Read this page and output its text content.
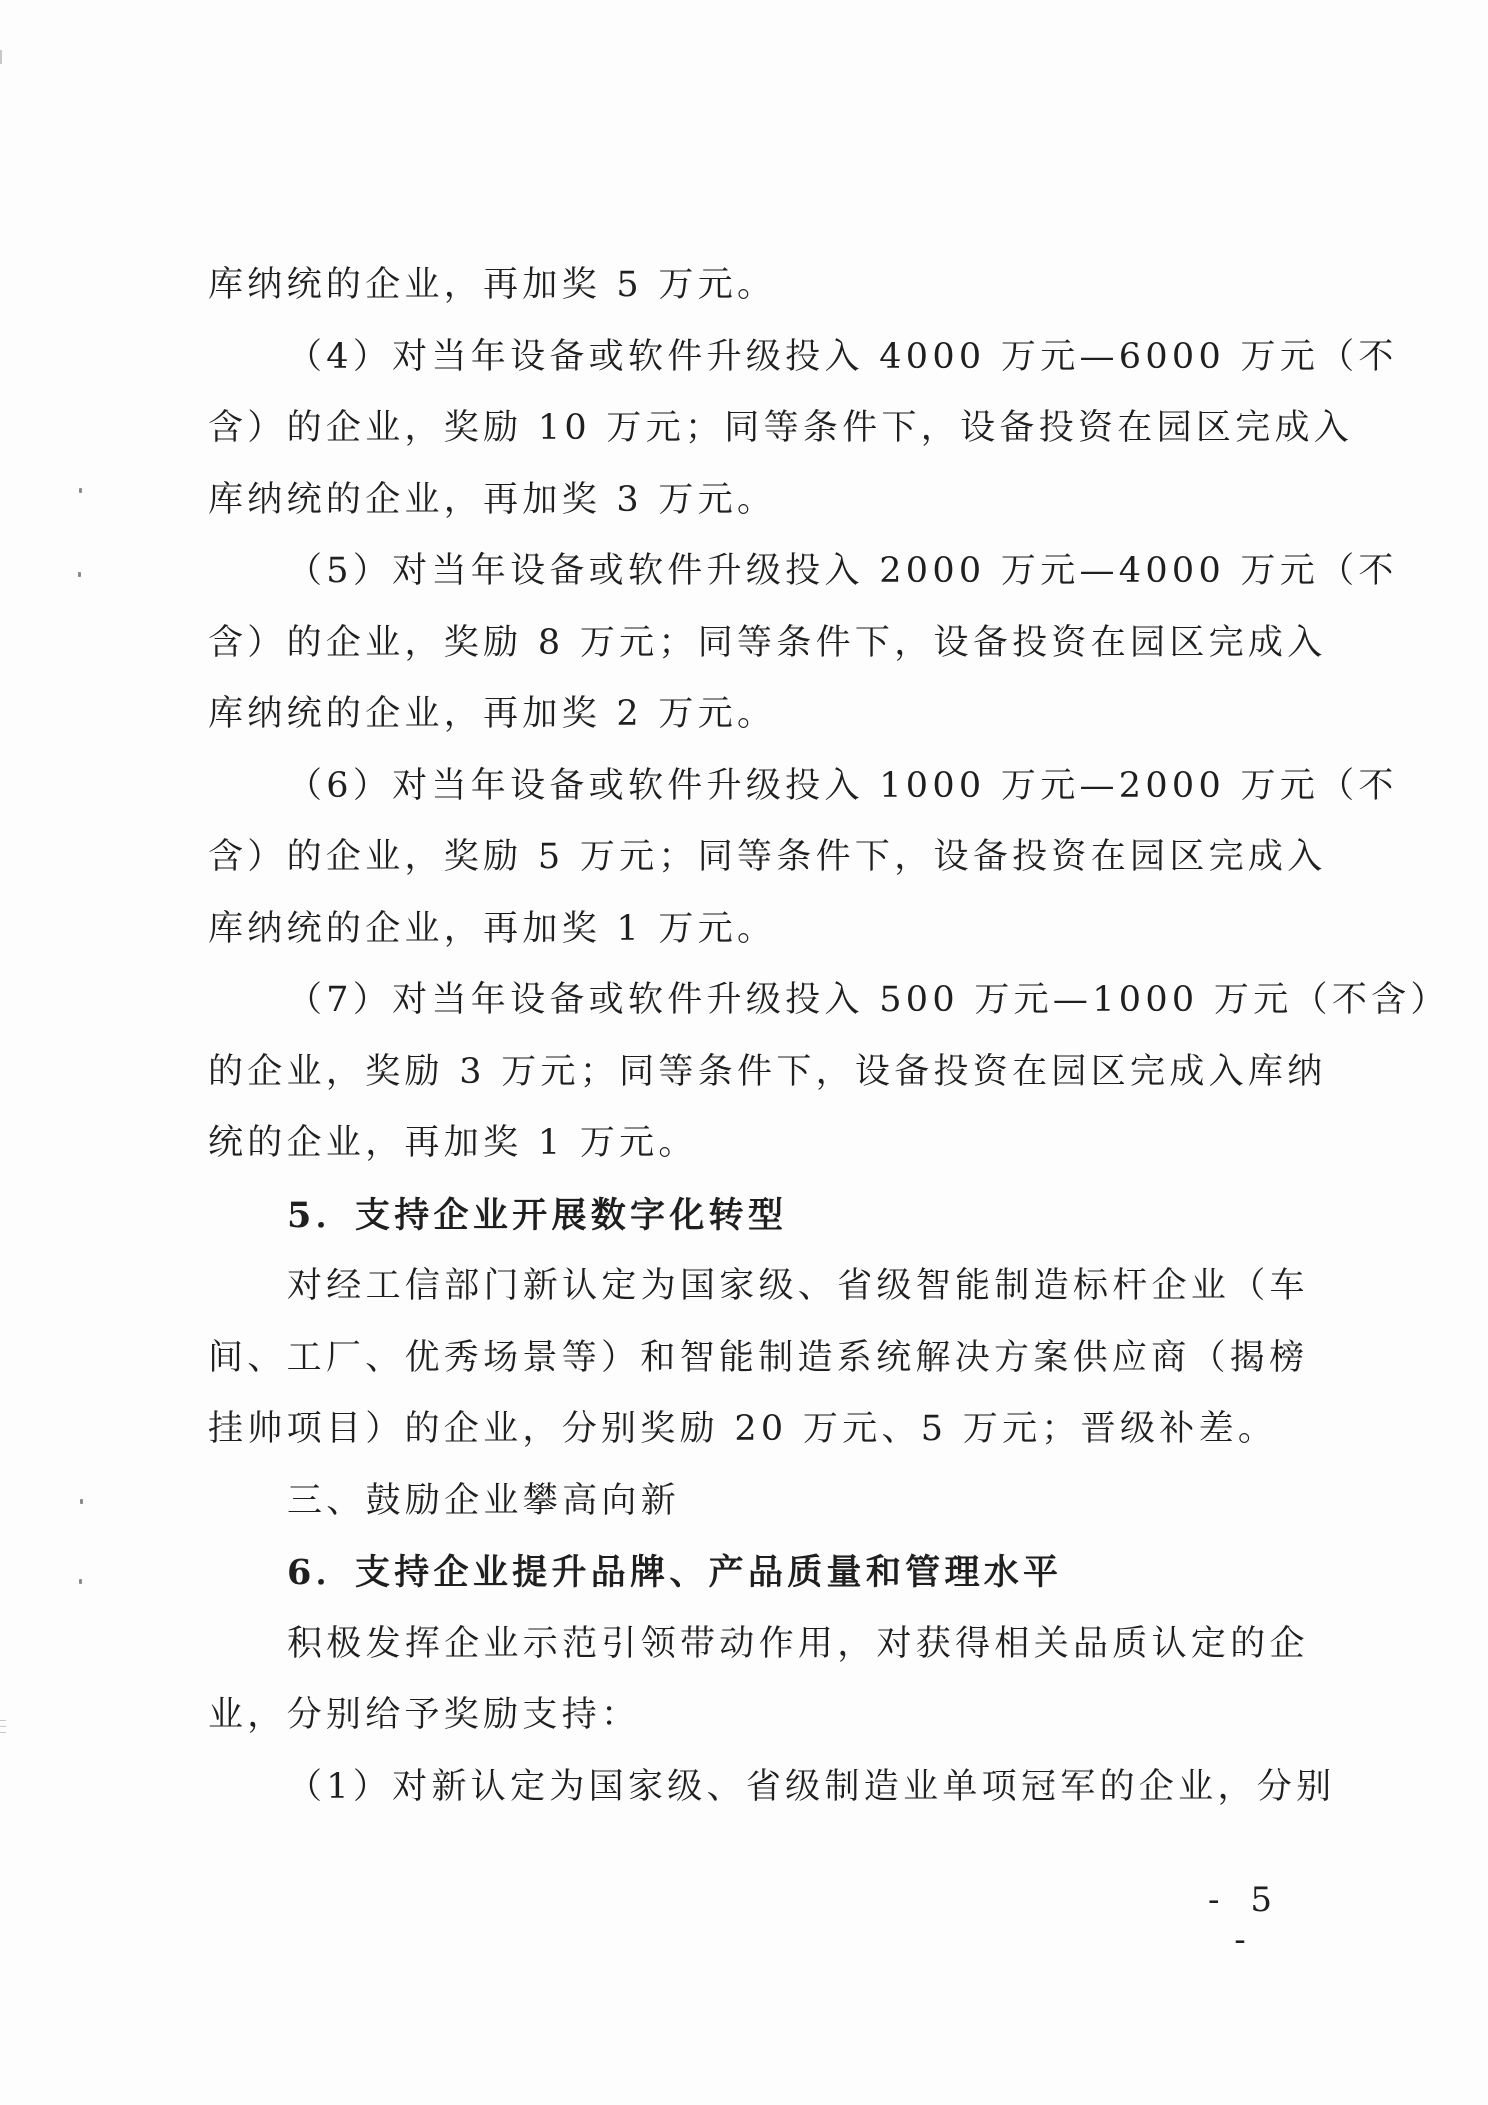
库纳统的企业，再加奖 5 万元。
（4）对当年设备或软件升级投入 4000 万元—6000 万元（不
含）的企业，奖励 10 万元；同等条件下，设备投资在园区完成入
库纳统的企业，再加奖 3 万元。
（5）对当年设备或软件升级投入 2000 万元—4000 万元（不
含）的企业，奖励 8 万元；同等条件下，设备投资在园区完成入
库纳统的企业，再加奖 2 万元。
（6）对当年设备或软件升级投入 1000 万元—2000 万元（不
含）的企业，奖励 5 万元；同等条件下，设备投资在园区完成入
库纳统的企业，再加奖 1 万元。
（7）对当年设备或软件升级投入 500 万元—1000 万元（不含）
的企业，奖励 3 万元；同等条件下，设备投资在园区完成入库纳
统的企业，再加奖 1 万元。
5．支持企业开展数字化转型
对经工信部门新认定为国家级、省级智能制造标杆企业（车
间、工厂、优秀场景等）和智能制造系统解决方案供应商（揭榜
挂帅项目）的企业，分别奖励 20 万元、5 万元；晋级补差。
三、鼓励企业攀高向新
6．支持企业提升品牌、产品质量和管理水平
积极发挥企业示范引领带动作用，对获得相关品质认定的企
业，分别给予奖励支持：
（1）对新认定为国家级、省级制造业单项冠军的企业，分别
- 5 -
